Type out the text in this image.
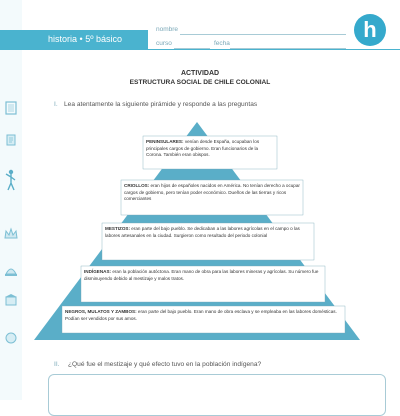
historia • 5º básico
nombre
curso	fecha
h
ACTIVIDAD
ESTRUCTURA SOCIAL DE CHILE COLONIAL
I. Lea atentamente la siguiente pirámide y responde a las preguntas
PENINSULARES: venían desde España, ocupaban los principales cargos de gobierno. Eran funcionarios de la Corona. También eran obispos.
CRIOLLOS: eran hijos de españoles nacidos en América. No tenían derecho a ocupar cargos de gobierno, pero tenían poder económico. Dueños de las tierras y ricos comerciantes
MESTIZOS: eran parte del bajo pueblo. Se dedicaban a las labores agrícolas en el campo o las labores artesanales en la ciudad. Surgieron como resultado del periodo colonial
INDÍGENAS: eran la población autóctona. Eran mano de obra para las labores mineras y agrícolas. Su número fue disminuyendo debido al mestizaje y malos tratos.
NEGROS, MULATOS Y ZAMBOS: eran parte del bajo pueblo. Eran mano de obra esclava y se empleaba en las labores domésticas. Podían ser vendidos por sus amos.
II. ¿Qué fue el mestizaje y qué efecto tuvo en la población indígena?
